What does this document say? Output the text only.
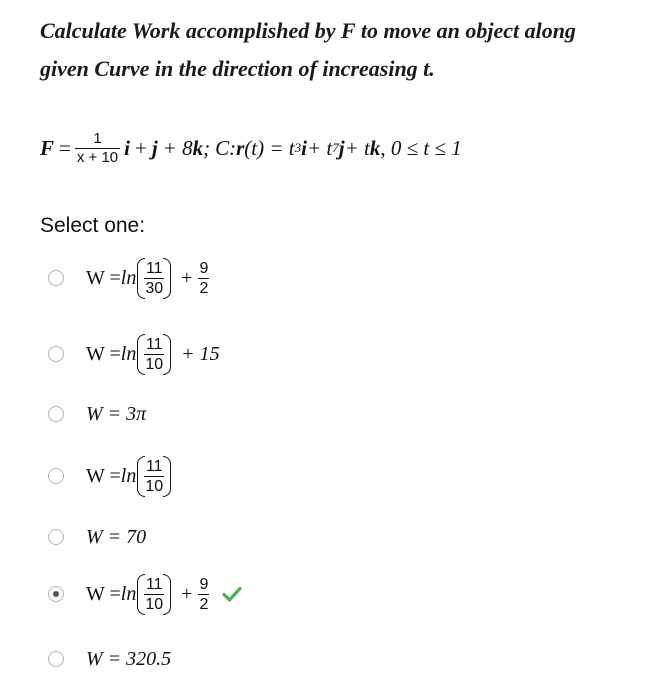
Calculate Work accomplished by F to move an object along
given Curve in the direction of increasing t.
$F = \frac{1}{x + 10}$ i + j + 8 k ; C: r (t) = t 3 i + t 7 j + t k , 0 ≤ t ≤ 1
Select one:
$W = \ln \frac{11}{30} + \frac{9}{2}$
$W = \ln \frac{11}{10} + 15$
W = 3π
$W = \ln \frac{11}{10}$
W = 70
$W = \ln \frac{11}{10} + \frac{9}{2}$
W = 320.5
